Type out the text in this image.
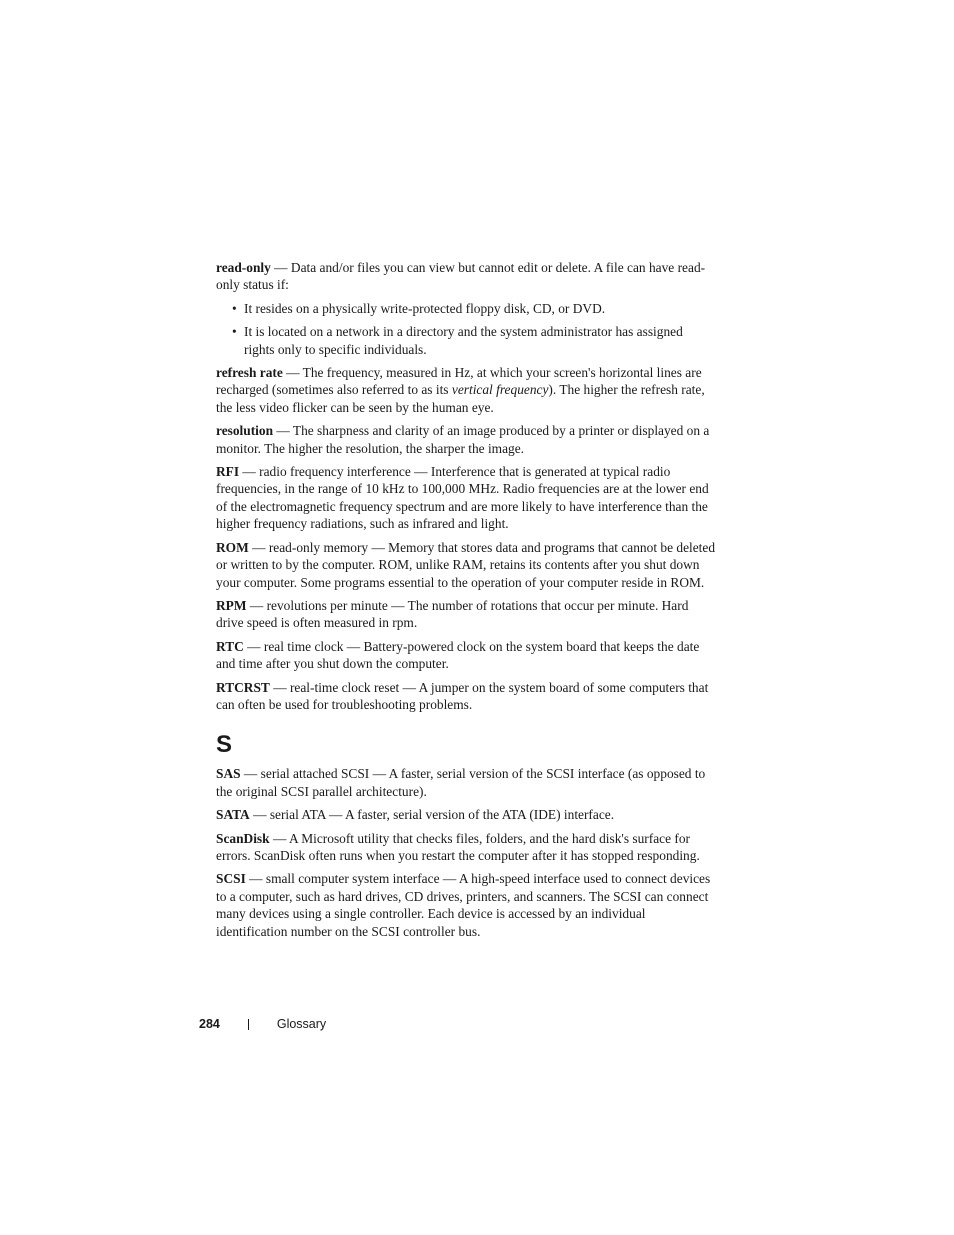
read-only — Data and/or files you can view but cannot edit or delete. A file can have read-only status if:

• It resides on a physically write-protected floppy disk, CD, or DVD.
• It is located on a network in a directory and the system administrator has assigned rights only to specific individuals.

refresh rate — The frequency, measured in Hz, at which your screen's horizontal lines are recharged (sometimes also referred to as its vertical frequency). The higher the refresh rate, the less video flicker can be seen by the human eye.

resolution — The sharpness and clarity of an image produced by a printer or displayed on a monitor. The higher the resolution, the sharper the image.

RFI — radio frequency interference — Interference that is generated at typical radio frequencies, in the range of 10 kHz to 100,000 MHz. Radio frequencies are at the lower end of the electromagnetic frequency spectrum and are more likely to have interference than the higher frequency radiations, such as infrared and light.

ROM — read-only memory — Memory that stores data and programs that cannot be deleted or written to by the computer. ROM, unlike RAM, retains its contents after you shut down your computer. Some programs essential to the operation of your computer reside in ROM.

RPM — revolutions per minute — The number of rotations that occur per minute. Hard drive speed is often measured in rpm.

RTC — real time clock — Battery-powered clock on the system board that keeps the date and time after you shut down the computer.

RTCRST — real-time clock reset — A jumper on the system board of some computers that can often be used for troubleshooting problems.

S

SAS — serial attached SCSI — A faster, serial version of the SCSI interface (as opposed to the original SCSI parallel architecture).

SATA — serial ATA — A faster, serial version of the ATA (IDE) interface.

ScanDisk — A Microsoft utility that checks files, folders, and the hard disk's surface for errors. ScanDisk often runs when you restart the computer after it has stopped responding.

SCSI — small computer system interface — A high-speed interface used to connect devices to a computer, such as hard drives, CD drives, printers, and scanners. The SCSI can connect many devices using a single controller. Each device is accessed by an individual identification number on the SCSI controller bus.

284	Glossary
